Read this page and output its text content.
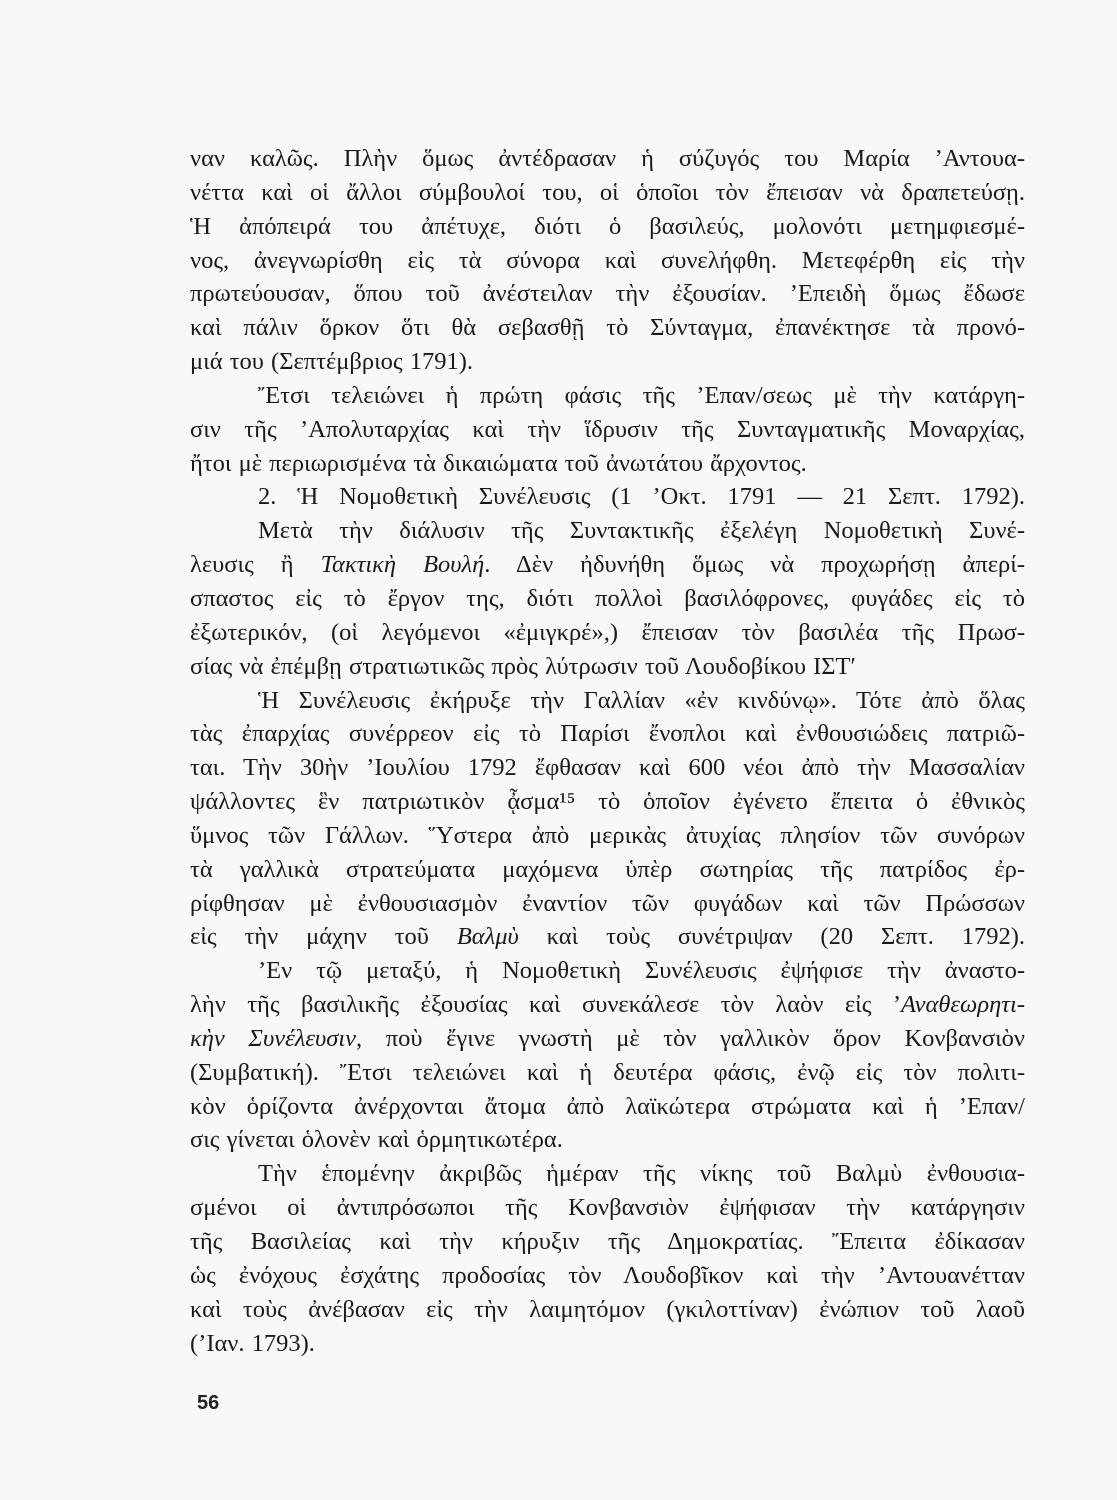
ναν καλῶς. Πλὴν ὅμως ἀντέδρασαν ἡ σύζυγός του Μαρία ’Αντουα-
νέττα καὶ οἱ ἄλλοι σύμβουλοί του, οἱ ὁποῖοι τὸν ἔπεισαν νὰ δραπετεύσῃ.
Ἡ ἀπόπειρά του ἀπέτυχε, διότι ὁ βασιλεύς, μολονότι μετημφιεσμέ-
νος, ἀνεγνωρίσθη εἰς τὰ σύνορα καὶ συνελήφθη. Μετεφέρθη εἰς τὴν
πρωτεύουσαν, ὅπου τοῦ ἀνέστειλαν τὴν ἐξουσίαν. ’Επειδὴ ὅμως ἔδωσε
καὶ πάλιν ὅρκον ὅτι θὰ σεβασθῇ τὸ Σύνταγμα, ἐπανέκτησε τὰ προνό-
μιά του (Σεπτέμβριος 1791).
Ἔτσι τελειώνει ἡ πρώτη φάσις τῆς ’Επαν/σεως μὲ τὴν κατάργη-
σιν τῆς ’Απολυταρχίας καὶ τὴν ἵδρυσιν τῆς Συνταγματικῆς Μοναρχίας,
ἤτοι μὲ περιωρισμένα τὰ δικαιώματα τοῦ ἀνωτάτου ἄρχοντος.
2. Ἡ Νομοθετικὴ Συνέλευσις (1 ’Οκτ. 1791 — 21 Σεπτ. 1792).
Μετὰ τὴν διάλυσιν τῆς Συντακτικῆς ἐξελέγη Νομοθετικὴ Συνέ-
λευσις ἢ Τακτικὴ Βουλή. Δὲν ἠδυνήθη ὅμως νὰ προχωρήσῃ ἀπερί-
σπαστος εἰς τὸ ἔργον της, διότι πολλοὶ βασιλόφρονες, φυγάδες εἰς τὸ
ἐξωτερικόν, (οἱ λεγόμενοι «ἐμιγκρέ»,) ἔπεισαν τὸν βασιλέα τῆς Πρωσ-
σίας νὰ ἐπέμβῃ στρατιωτικῶς πρὸς λύτρωσιν τοῦ Λουδοβίκου ΙΣΤ′
Ἡ Συνέλευσις ἐκήρυξε τὴν Γαλλίαν «ἐν κινδύνῳ». Τότε ἀπὸ ὅλας
τὰς ἐπαρχίας συνέρρεον εἰς τὸ Παρίσι ἔνοπλοι καὶ ἐνθουσιώδεις πατριῶ-
ται. Τὴν 30ὴν ’Ιουλίου 1792 ἔφθασαν καὶ 600 νέοι ἀπὸ τὴν Μασσαλίαν
ψάλλοντες ἓν πατριωτικὸν ᾆσμα¹⁵ τὸ ὁποῖον ἐγένετο ἔπειτα ὁ ἐθνικὸς
ὕμνος τῶν Γάλλων. Ὕστερα ἀπὸ μερικὰς ἀτυχίας πλησίον τῶν συνόρων
τὰ γαλλικὰ στρατεύματα μαχόμενα ὑπὲρ σωτηρίας τῆς πατρίδος ἐρ-
ρίφθησαν μὲ ἐνθουσιασμὸν ἐναντίον τῶν φυγάδων καὶ τῶν Πρώσσων
εἰς τὴν μάχην τοῦ Βαλμὺ καὶ τοὺς συνέτριψαν (20 Σεπτ. 1792).
’Εν τῷ μεταξύ, ἡ Νομοθετικὴ Συνέλευσις ἐψήφισε τὴν ἀναστο-
λὴν τῆς βασιλικῆς ἐξουσίας καὶ συνεκάλεσε τὸν λαὸν εἰς ’Αναθεωρητι-
κὴν Συνέλευσιν, ποὺ ἔγινε γνωστὴ μὲ τὸν γαλλικὸν ὅρον Κονβανσιὸν
(Συμβατική). Ἔτσι τελειώνει καὶ ἡ δευτέρα φάσις, ἐνῷ εἰς τὸν πολιτι-
κὸν ὁρίζοντα ἀνέρχονται ἄτομα ἀπὸ λαϊκώτερα στρώματα καὶ ἡ ’Επαν/
σις γίνεται ὁλονὲν καὶ ὁρμητικωτέρα.
Τὴν ἑπομένην ἀκριβῶς ἡμέραν τῆς νίκης τοῦ Βαλμὺ ἐνθουσια-
σμένοι οἱ ἀντιπρόσωποι τῆς Κονβανσιὸν ἐψήφισαν τὴν κατάργησιν
τῆς Βασιλείας καὶ τὴν κήρυξιν τῆς Δημοκρατίας. Ἔπειτα ἐδίκασαν
ὡς ἐνόχους ἐσχάτης προδοσίας τὸν Λουδοβῖκον καὶ τὴν ’Αντουανέτταν
καὶ τοὺς ἀνέβασαν εἰς τὴν λαιμητόμον (γκιλοττίναν) ἐνώπιον τοῦ λαοῦ
(’Ιαν. 1793).
56
